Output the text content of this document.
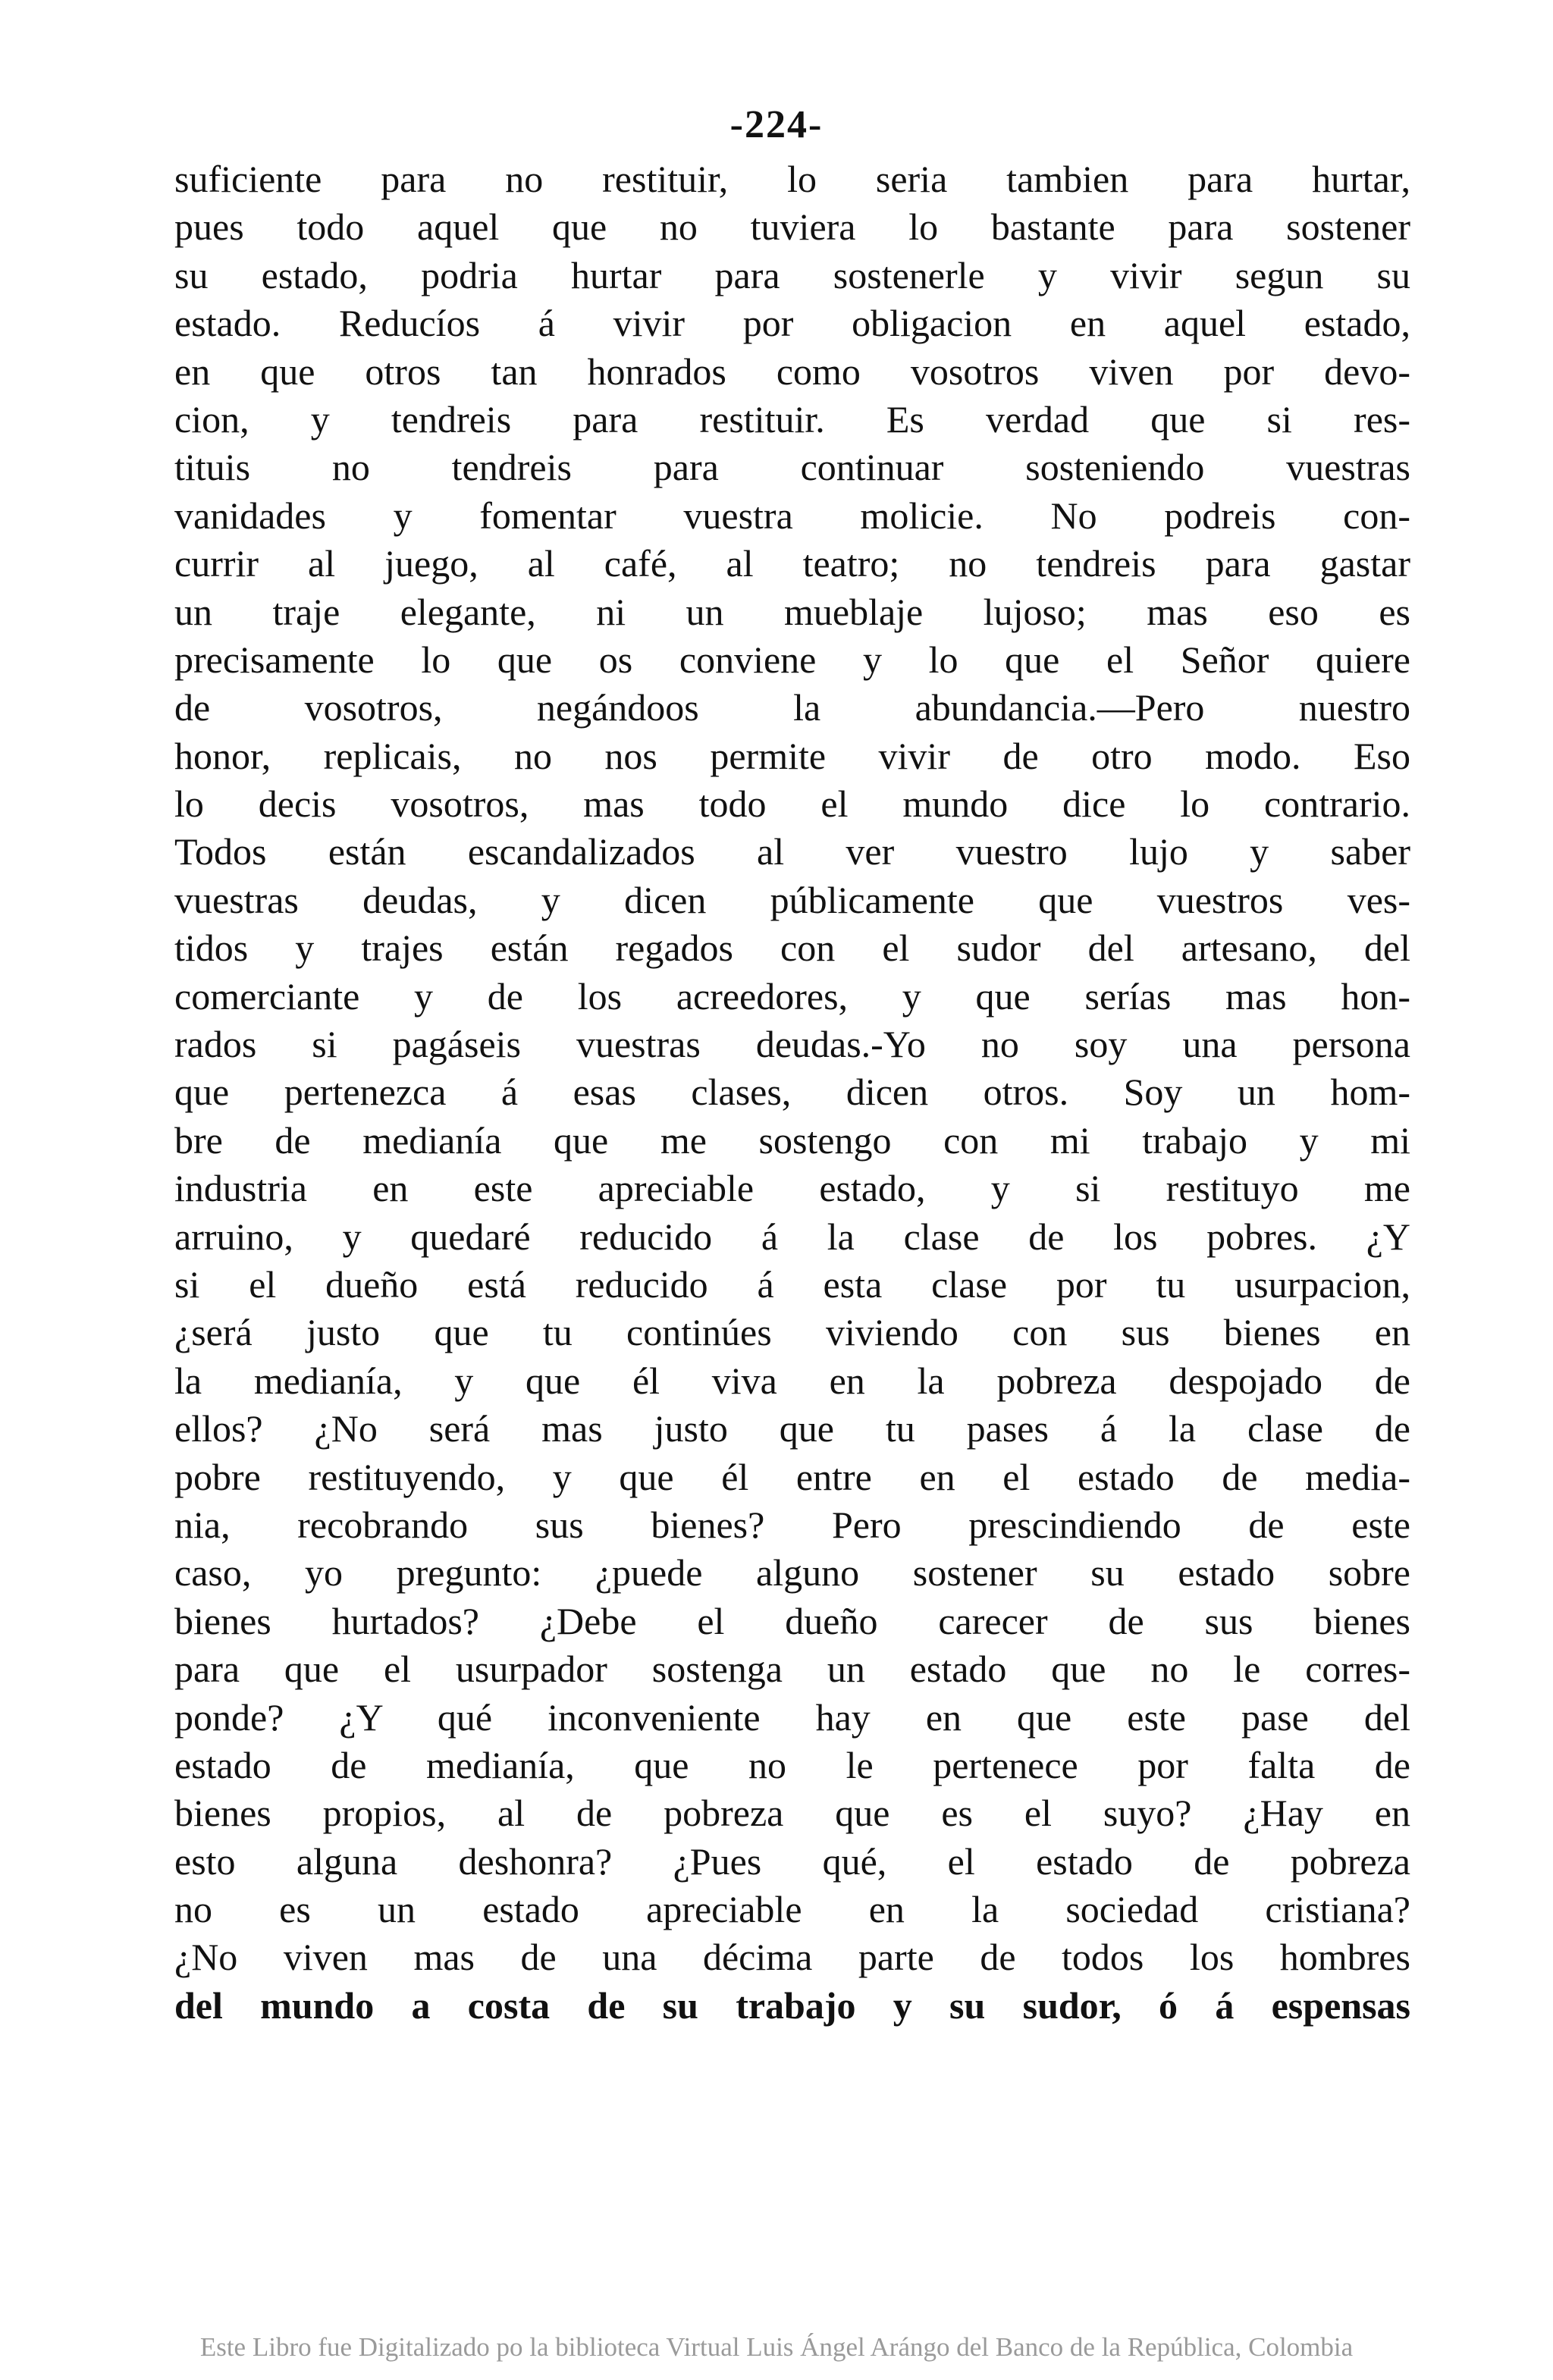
-224-
suficiente para no restituir, lo seria tambien para hurtar,
pues todo aquel que no tuviera lo bastante para sostener
su estado, podria hurtar para sostenerle y vivir segun su
estado. Reducíos á vivir por obligacion en aquel estado,
en que otros tan honrados como vosotros viven por devo-
cion, y tendreis para restituir. Es verdad que si res-
tituis no tendreis para continuar sosteniendo vuestras
vanidades y fomentar vuestra molicie. No podreis con-
currir al juego, al café, al teatro; no tendreis para gastar
un traje elegante, ni un mueblaje lujoso; mas eso es
precisamente lo que os conviene y lo que el Señor quiere
de vosotros, negándoos la abundancia.—Pero nuestro
honor, replicais, no nos permite vivir de otro modo. Eso
lo decis vosotros, mas todo el mundo dice lo contrario.
Todos están escandalizados al ver vuestro lujo y saber
vuestras deudas, y dicen públicamente que vuestros ves-
tidos y trajes están regados con el sudor del artesano, del
comerciante y de los acreedores, y que serías mas hon-
rados si pagáseis vuestras deudas.-Yo no soy una persona
que pertenezca á esas clases, dicen otros. Soy un hom-
bre de medianía que me sostengo con mi trabajo y mi
industria en este apreciable estado, y si restituyo me
arruino, y quedaré reducido á la clase de los pobres. ¿Y
si el dueño está reducido á esta clase por tu usurpacion,
¿será justo que tu continúes viviendo con sus bienes en
la medianía, y que él viva en la pobreza despojado de
ellos? ¿No será mas justo que tu pases á la clase de
pobre restituyendo, y que él entre en el estado de media-
nia, recobrando sus bienes? Pero prescindiendo de este
caso, yo pregunto: ¿puede alguno sostener su estado sobre
bienes hurtados? ¿Debe el dueño carecer de sus bienes
para que el usurpador sostenga un estado que no le corres-
ponde? ¿Y qué inconveniente hay en que este pase del
estado de medianía, que no le pertenece por falta de
bienes propios, al de pobreza que es el suyo? ¿Hay en
esto alguna deshonra? ¿Pues qué, el estado de pobreza
no es un estado apreciable en la sociedad cristiana?
¿No viven mas de una décima parte de todos los hombres
del mundo a costa de su trabajo y su sudor, ó á espensas
Este Libro fue Digitalizado po la biblioteca Virtual Luis Ángel Arángo del Banco de la República, Colombia
